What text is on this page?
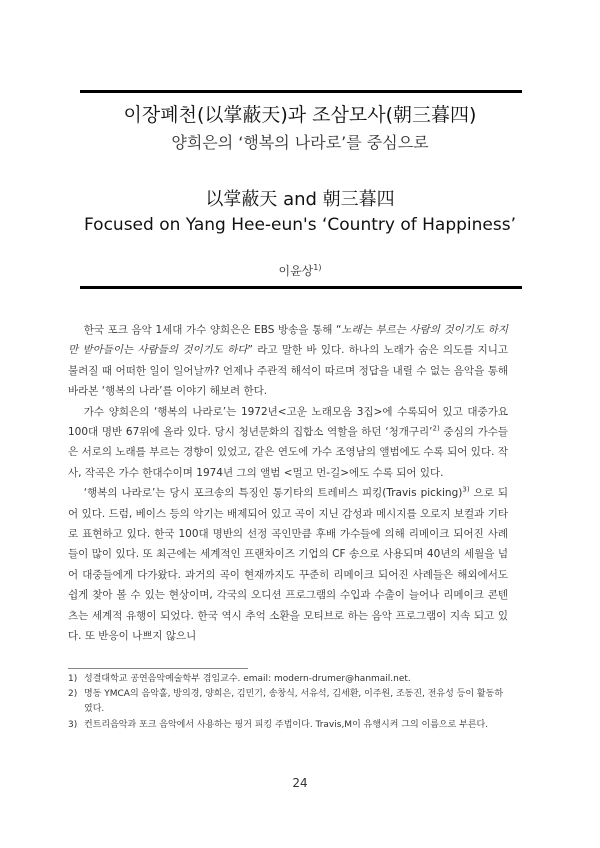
이장폐천(以掌蔽天)과 조삼모사(朝三暮四)
양희은의 ‘행복의 나라로’를 중심으로
以掌蔽天 and 朝三暮四
Focused on Yang Hee-eun's ‘Country of Happiness’
이윤상$^{1)}$

한국 포크 음악 1세대 가수 양희은은 EBS 방송을 통해 “노래는 부르는 사람의 것이기도 하지만 받아들이는 사람들의 것이기도 하다” 라고 말한 바 있다. 하나의 노래가 숨은 의도를 지니고 불려질 때 어떠한 일이 일어날까? 언제나 주관적 해석이 따르며 정답을 내릴 수 없는 음악을 통해 바라본 ‘행복의 나라’를 이야기 해보려 한다.

가수 양희은의 ‘행복의 나라로’는 1972년<고운 노래모음 3집>에 수록되어 있고 대중가요 100대 명반 67위에 올라 있다. 당시 청년문화의 집합소 역할을 하던 ‘청개구리’$^{2)}$ 중심의 가수들은 서로의 노래를 부르는 경향이 있었고, 같은 연도에 가수 조영남의 앨범에도 수록 되어 있다. 작사, 작곡은 가수 한대수이며 1974년 그의 앨범 <멀고 먼-길>에도 수록 되어 있다.

‘행복의 나라로’는 당시 포크송의 특징인 통기타의 트레비스 피킹(Travis picking)$^{3)}$ 으로 되어 있다. 드럼, 베이스 등의 악기는 배제되어 있고 곡이 지닌 감성과 메시지를 오로지 보컬과 기타로 표현하고 있다. 한국 100대 명반의 선정 곡인만큼 후배 가수들에 의해 리메이크 되어진 사례들이 많이 있다. 또 최근에는 세계적인 프랜차이즈 기업의 CF 송으로 사용되며 40년의 세월을 넘어 대중들에게 다가왔다. 과거의 곡이 현재까지도 꾸준히 리메이크 되어진 사례들은 해외에서도 쉽게 찾아 볼 수 있는 현상이며, 각국의 오디션 프로그램의 수입과 수출이 늘어나 리메이크 콘텐츠는 세계적 유행이 되었다. 한국 역시 추억 소환을 모티브로 하는 음악 프로그램이 지속 되고 있다. 또 반응이 나쁘지 않으니

1) 성결대학교 공연음악예술학부 겸임교수. email: modern-drumer@hanmail.net.
2) 명동 YMCA의 음악홀, 방의경, 양희은, 김민기, 송창식, 서유석, 김세환, 이주원, 조동진, 전유성 등이 활동하였다.
3) 컨트리음악과 포크 음악에서 사용하는 핑거 피킹 주법이다. Travis,M이 유행시켜 그의 이름으로 부른다.
24
